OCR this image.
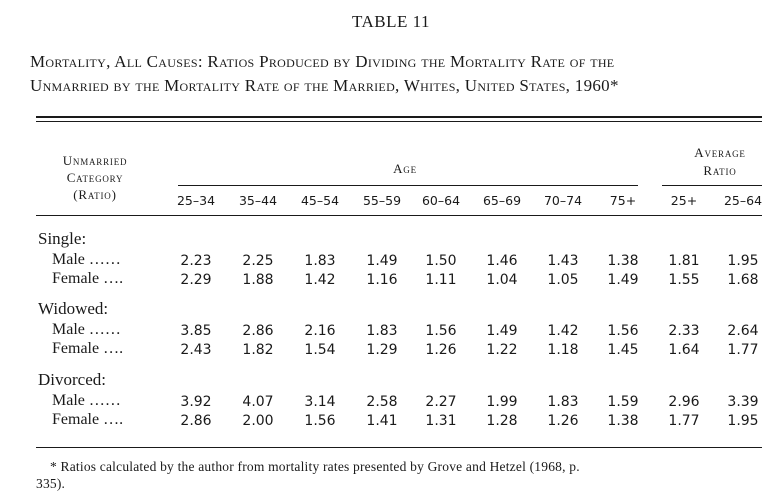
TABLE 11
Mortality, All Causes: Ratios Produced by Dividing the Mortality Rate of the
Unmarried by the Mortality Rate of the Married, Whites, United States, 1960*
Unmarried
Category
(Ratio)
Age
Average
Ratio
25–34	35–44	45–54	55–59	60–64	65–69	70–74	75+	25+	25–64
Single:
Male ……	2.23	2.25	1.83	1.49	1.50	1.46	1.43	1.38	1.81	1.95
Female ….	2.29	1.88	1.42	1.16	1.11	1.04	1.05	1.49	1.55	1.68
Widowed:
Male ……	3.85	2.86	2.16	1.83	1.56	1.49	1.42	1.56	2.33	2.64
Female ….	2.43	1.82	1.54	1.29	1.26	1.22	1.18	1.45	1.64	1.77
Divorced:
Male ……	3.92	4.07	3.14	2.58	2.27	1.99	1.83	1.59	2.96	3.39
Female ….	2.86	2.00	1.56	1.41	1.31	1.28	1.26	1.38	1.77	1.95
* Ratios calculated by the author from mortality rates presented by Grove and Hetzel (1968, p.
335).
